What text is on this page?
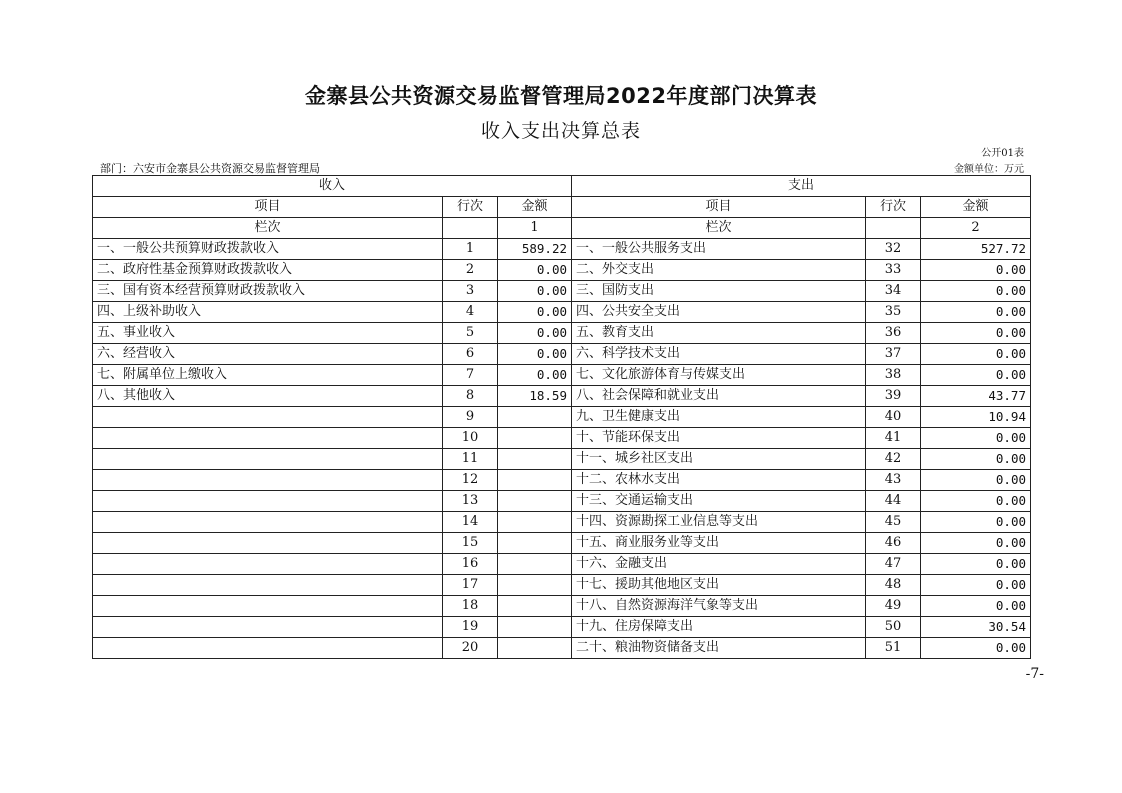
金寨县公共资源交易监督管理局2022年度部门决算表
收入支出决算总表
公开01表
部门：六安市金寨县公共资源交易监督管理局	金额单位：万元
收入			支出		
项目	行次	金额	项目	行次	金额
栏次		1	栏次		2
一、一般公共预算财政拨款收入	1	589.22	一、一般公共服务支出	32	527.72
二、政府性基金预算财政拨款收入	2	0.00	二、外交支出	33	0.00
三、国有资本经营预算财政拨款收入	3	0.00	三、国防支出	34	0.00
四、上级补助收入	4	0.00	四、公共安全支出	35	0.00
五、事业收入	5	0.00	五、教育支出	36	0.00
六、经营收入	6	0.00	六、科学技术支出	37	0.00
七、附属单位上缴收入	7	0.00	七、文化旅游体育与传媒支出	38	0.00
八、其他收入	8	18.59	八、社会保障和就业支出	39	43.77
	9		九、卫生健康支出	40	10.94
	10		十、节能环保支出	41	0.00
	11		十一、城乡社区支出	42	0.00
	12		十二、农林水支出	43	0.00
	13		十三、交通运输支出	44	0.00
	14		十四、资源勘探工业信息等支出	45	0.00
	15		十五、商业服务业等支出	46	0.00
	16		十六、金融支出	47	0.00
	17		十七、援助其他地区支出	48	0.00
	18		十八、自然资源海洋气象等支出	49	0.00
	19		十九、住房保障支出	50	30.54
	20		二十、粮油物资储备支出	51	0.00
-7-
